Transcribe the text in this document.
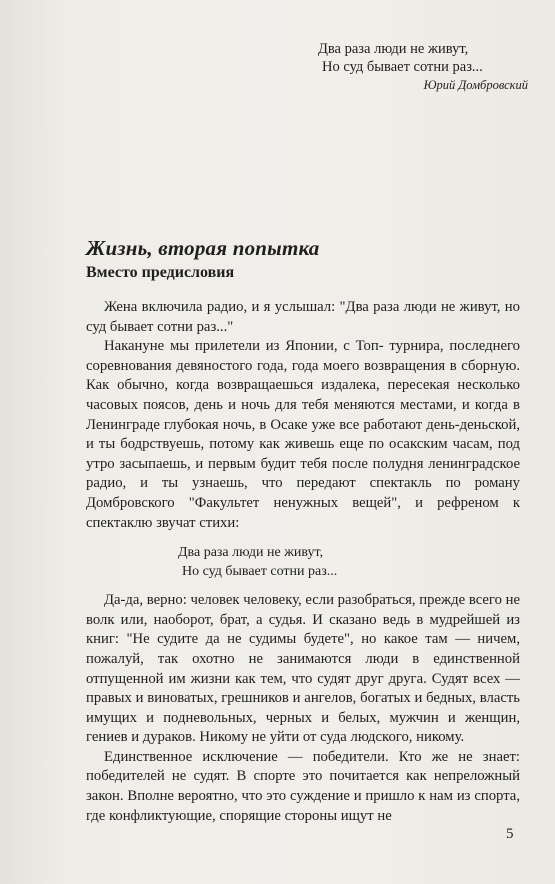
Два раза люди не живут,
Но суд бывает сотни раз...
Юрий Домбровский
Жизнь, вторая попытка
Вместо предисловия

Жена включила радио, и я услышал: "Два раза люди не живут, но суд бывает сотни раз..."

Накануне мы прилетели из Японии, с Топ- турнира, последнего соревнования девяностого года, года моего возвращения в сборную. Как обычно, когда возвращаешься издалека, пересекая несколько часовых поясов, день и ночь для тебя меняются местами, и когда в Ленинграде глубокая ночь, в Осаке уже все работают день-деньской, и ты бодрствуешь, потому как живешь еще по осакским часам, под утро засыпаешь, и первым будит тебя после полудня ленинградское радио, и ты узнаешь, что передают спектакль по роману Домбровского "Факультет ненужных вещей", и рефреном к спектаклю звучат стихи:

Два раза люди не живут,
Но суд бывает сотни раз...

Да-да, верно: человек человеку, если разобраться, прежде всего не волк или, наоборот, брат, а судья. И сказано ведь в мудрейшей из книг: "Не судите да не судимы будете", но какое там — ничем, пожалуй, так охотно не занимаются люди в единственной отпущенной им жизни как тем, что судят друг друга. Судят всех — правых и виноватых, грешников и ангелов, богатых и бедных, власть имущих и подневольных, черных и белых, мужчин и женщин, гениев и дураков. Никому не уйти от суда людского, никому.

Единственное исключение — победители. Кто же не знает: победителей не судят. В спорте это почитается как непреложный закон. Вполне вероятно, что это суждение и пришло к нам из спорта, где конфликтующие, спорящие стороны ищут не

5
